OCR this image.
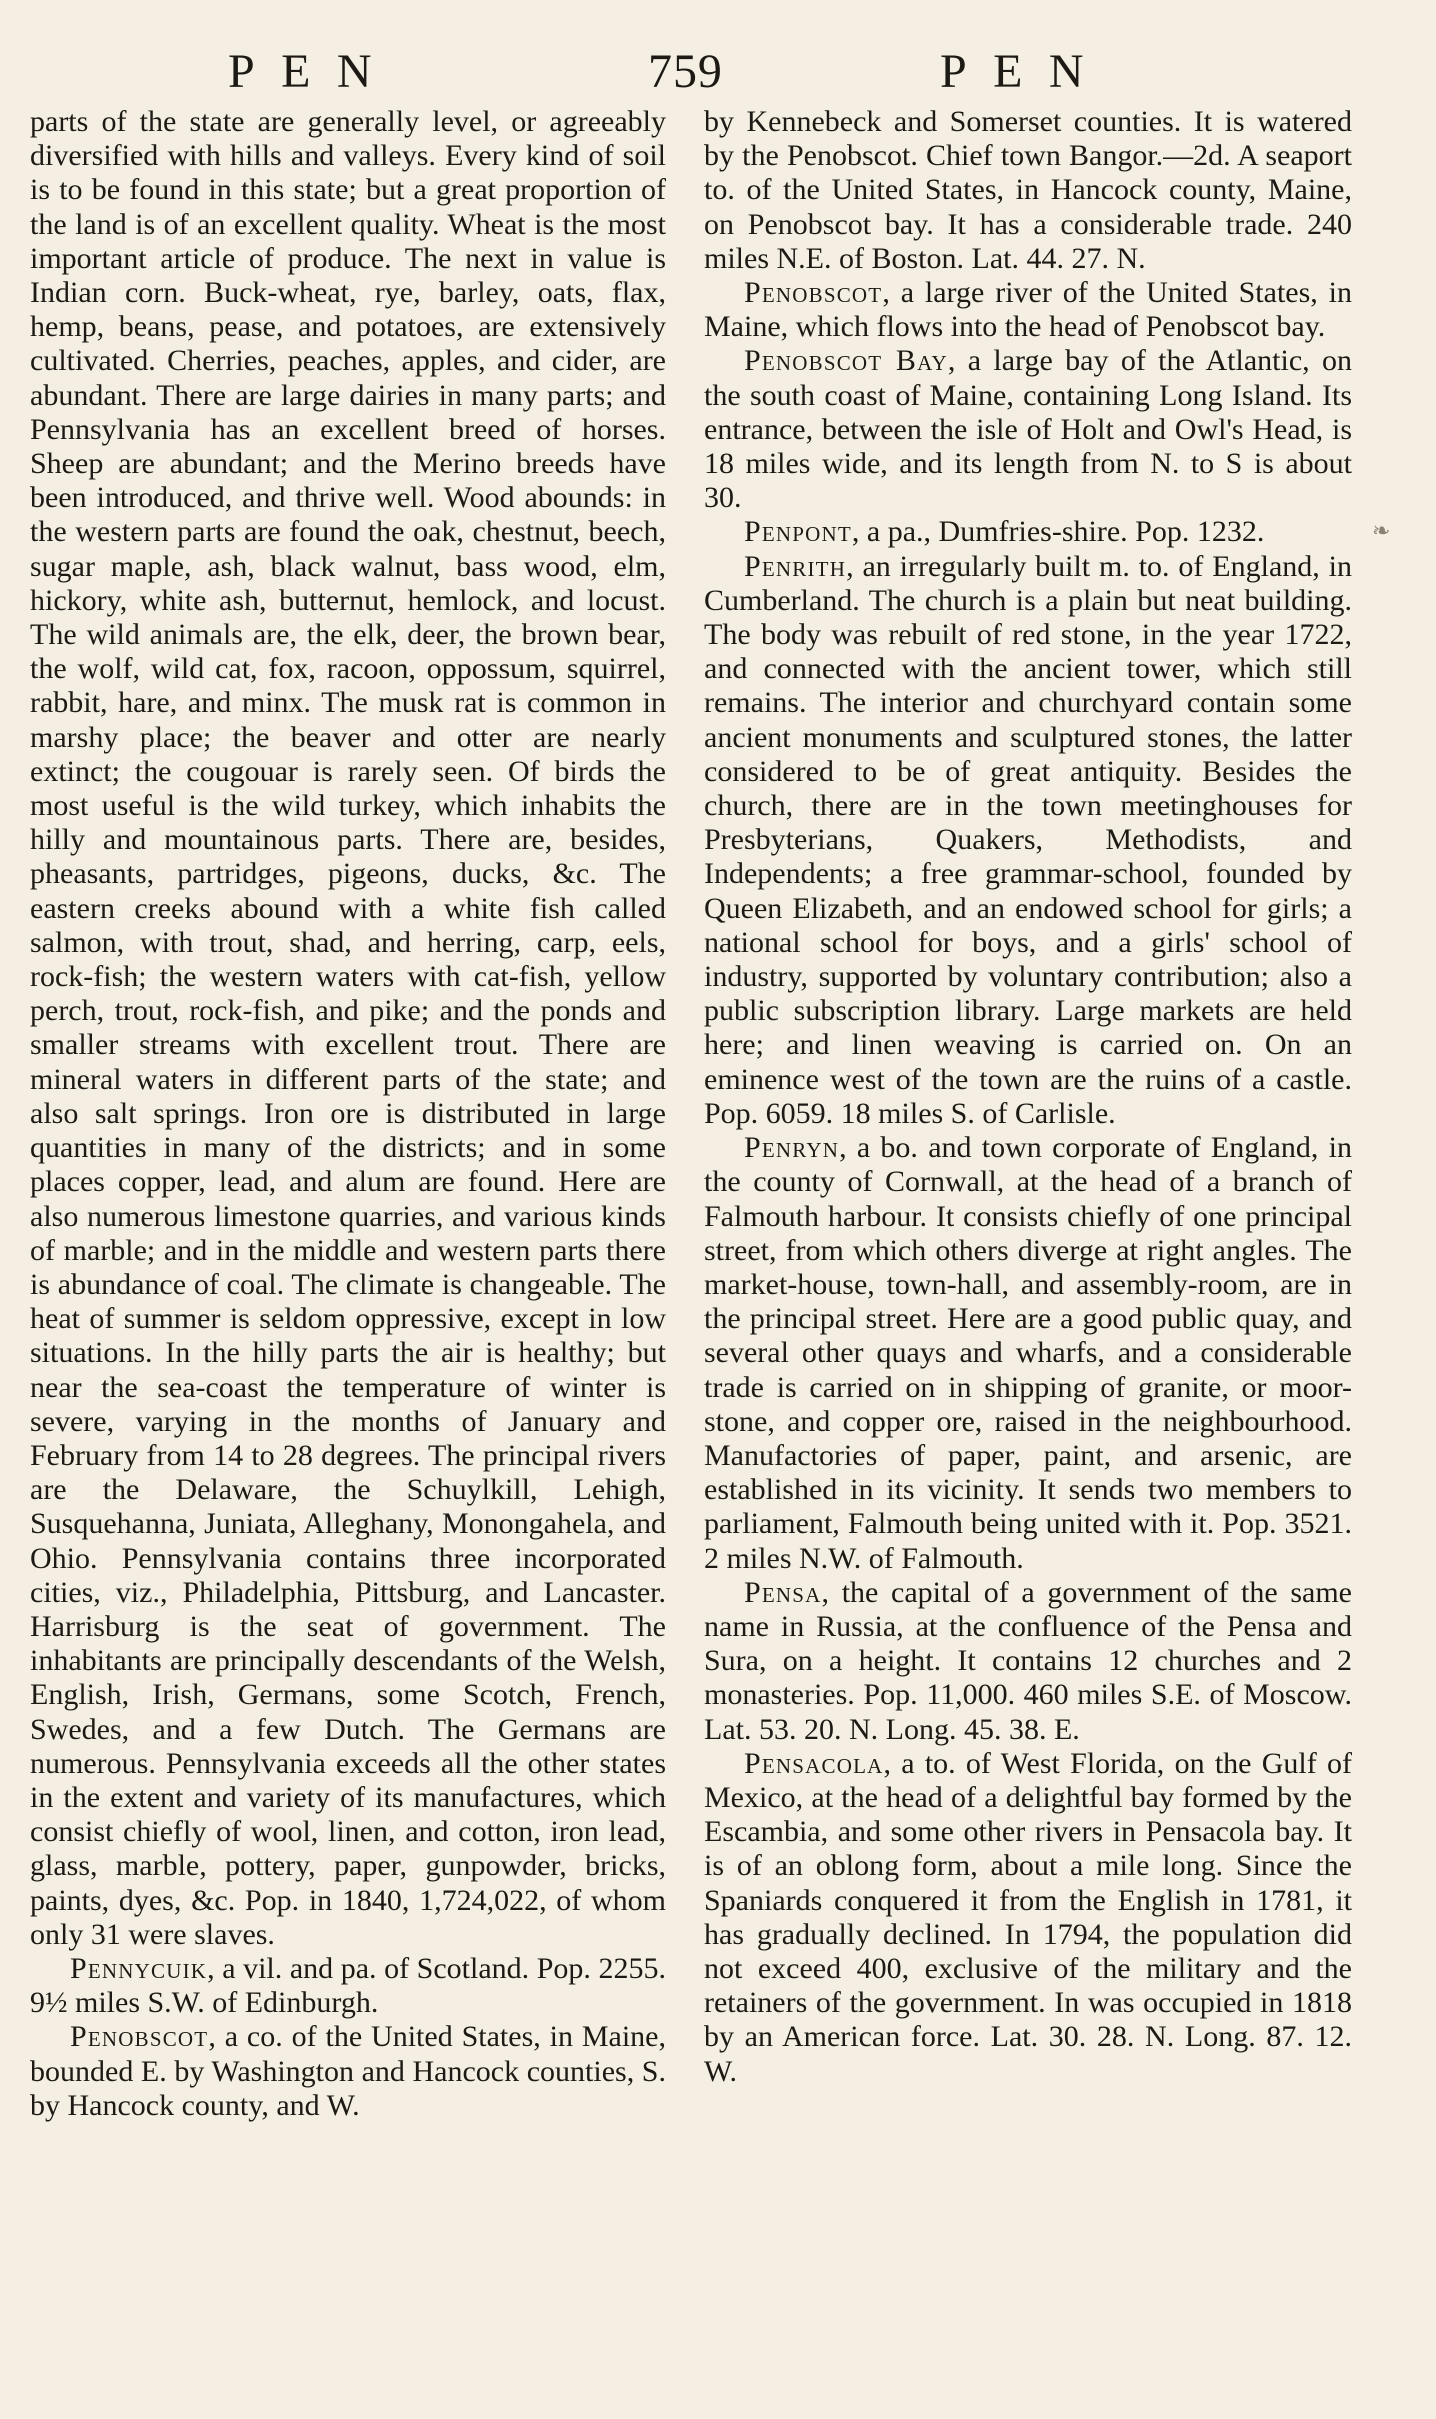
PEN	759	PEN

parts of the state are generally level, or agreeably diversified with hills and valleys. Every kind of soil is to be found in this state; but a great proportion of the land is of an excellent quality. Wheat is the most important article of produce. The next in value is Indian corn. Buck-wheat, rye, barley, oats, flax, hemp, beans, pease, and potatoes, are extensively cultivated. Cherries, peaches, apples, and cider, are abundant. There are large dairies in many parts; and Pennsylvania has an excellent breed of horses. Sheep are abundant; and the Merino breeds have been introduced, and thrive well. Wood abounds: in the western parts are found the oak, chestnut, beech, sugar maple, ash, black walnut, bass wood, elm, hickory, white ash, butternut, hemlock, and locust. The wild animals are, the elk, deer, the brown bear, the wolf, wild cat, fox, racoon, oppossum, squirrel, rabbit, hare, and minx. The musk rat is common in marshy place; the beaver and otter are nearly extinct; the cougouar is rarely seen. Of birds the most useful is the wild turkey, which inhabits the hilly and mountainous parts. There are, besides, pheasants, partridges, pigeons, ducks, &c. The eastern creeks abound with a white fish called salmon, with trout, shad, and herring, carp, eels, rock-fish; the western waters with cat-fish, yellow perch, trout, rock-fish, and pike; and the ponds and smaller streams with excellent trout. There are mineral waters in different parts of the state; and also salt springs. Iron ore is distributed in large quantities in many of the districts; and in some places copper, lead, and alum are found. Here are also numerous limestone quarries, and various kinds of marble; and in the middle and western parts there is abundance of coal. The climate is changeable. The heat of summer is seldom oppressive, except in low situations. In the hilly parts the air is healthy; but near the sea-coast the temperature of winter is severe, varying in the months of January and February from 14 to 28 degrees. The principal rivers are the Delaware, the Schuylkill, Lehigh, Susquehanna, Juniata, Alleghany, Monongahela, and Ohio. Pennsylvania contains three incorporated cities, viz., Philadelphia, Pittsburg, and Lancaster. Harrisburg is the seat of government. The inhabitants are principally descendants of the Welsh, English, Irish, Germans, some Scotch, French, Swedes, and a few Dutch. The Germans are numerous. Pennsylvania exceeds all the other states in the extent and variety of its manufactures, which consist chiefly of wool, linen, and cotton, iron lead, glass, marble, pottery, paper, gunpowder, bricks, paints, dyes, &c. Pop. in 1840, 1,724,022, of whom only 31 were slaves.

Pennycuik, a vil. and pa. of Scotland. Pop. 2255. 9½ miles S.W. of Edinburgh.

Penobscot, a co. of the United States, in Maine, bounded E. by Washington and Hancock counties, S. by Hancock county, and W.

by Kennebeck and Somerset counties. It is watered by the Penobscot. Chief town Bangor.—2d. A seaport to. of the United States, in Hancock county, Maine, on Penobscot bay. It has a considerable trade. 240 miles N.E. of Boston. Lat. 44. 27. N.

Penobscot, a large river of the United States, in Maine, which flows into the head of Penobscot bay.

Penobscot Bay, a large bay of the Atlantic, on the south coast of Maine, containing Long Island. Its entrance, between the isle of Holt and Owl's Head, is 18 miles wide, and its length from N. to S is about 30.

Penpont, a pa., Dumfries-shire. Pop. 1232.

Penrith, an irregularly built m. to. of England, in Cumberland. The church is a plain but neat building. The body was rebuilt of red stone, in the year 1722, and connected with the ancient tower, which still remains. The interior and churchyard contain some ancient monuments and sculptured stones, the latter considered to be of great antiquity. Besides the church, there are in the town meetinghouses for Presbyterians, Quakers, Methodists, and Independents; a free grammar-school, founded by Queen Elizabeth, and an endowed school for girls; a national school for boys, and a girls' school of industry, supported by voluntary contribution; also a public subscription library. Large markets are held here; and linen weaving is carried on. On an eminence west of the town are the ruins of a castle. Pop. 6059. 18 miles S. of Carlisle.

Penryn, a bo. and town corporate of England, in the county of Cornwall, at the head of a branch of Falmouth harbour. It consists chiefly of one principal street, from which others diverge at right angles. The market-house, town-hall, and assembly-room, are in the principal street. Here are a good public quay, and several other quays and wharfs, and a considerable trade is carried on in shipping of granite, or moor-stone, and copper ore, raised in the neighbourhood. Manufactories of paper, paint, and arsenic, are established in its vicinity. It sends two members to parliament, Falmouth being united with it. Pop. 3521. 2 miles N.W. of Falmouth.

Pensa, the capital of a government of the same name in Russia, at the confluence of the Pensa and Sura, on a height. It contains 12 churches and 2 monasteries. Pop. 11,000. 460 miles S.E. of Moscow. Lat. 53. 20. N. Long. 45. 38. E.

Pensacola, a to. of West Florida, on the Gulf of Mexico, at the head of a delightful bay formed by the Escambia, and some other rivers in Pensacola bay. It is of an oblong form, about a mile long. Since the Spaniards conquered it from the English in 1781, it has gradually declined. In 1794, the population did not exceed 400, exclusive of the military and the retainers of the government. In was occupied in 1818 by an American force. Lat. 30. 28. N. Long. 87. 12. W.

❧
